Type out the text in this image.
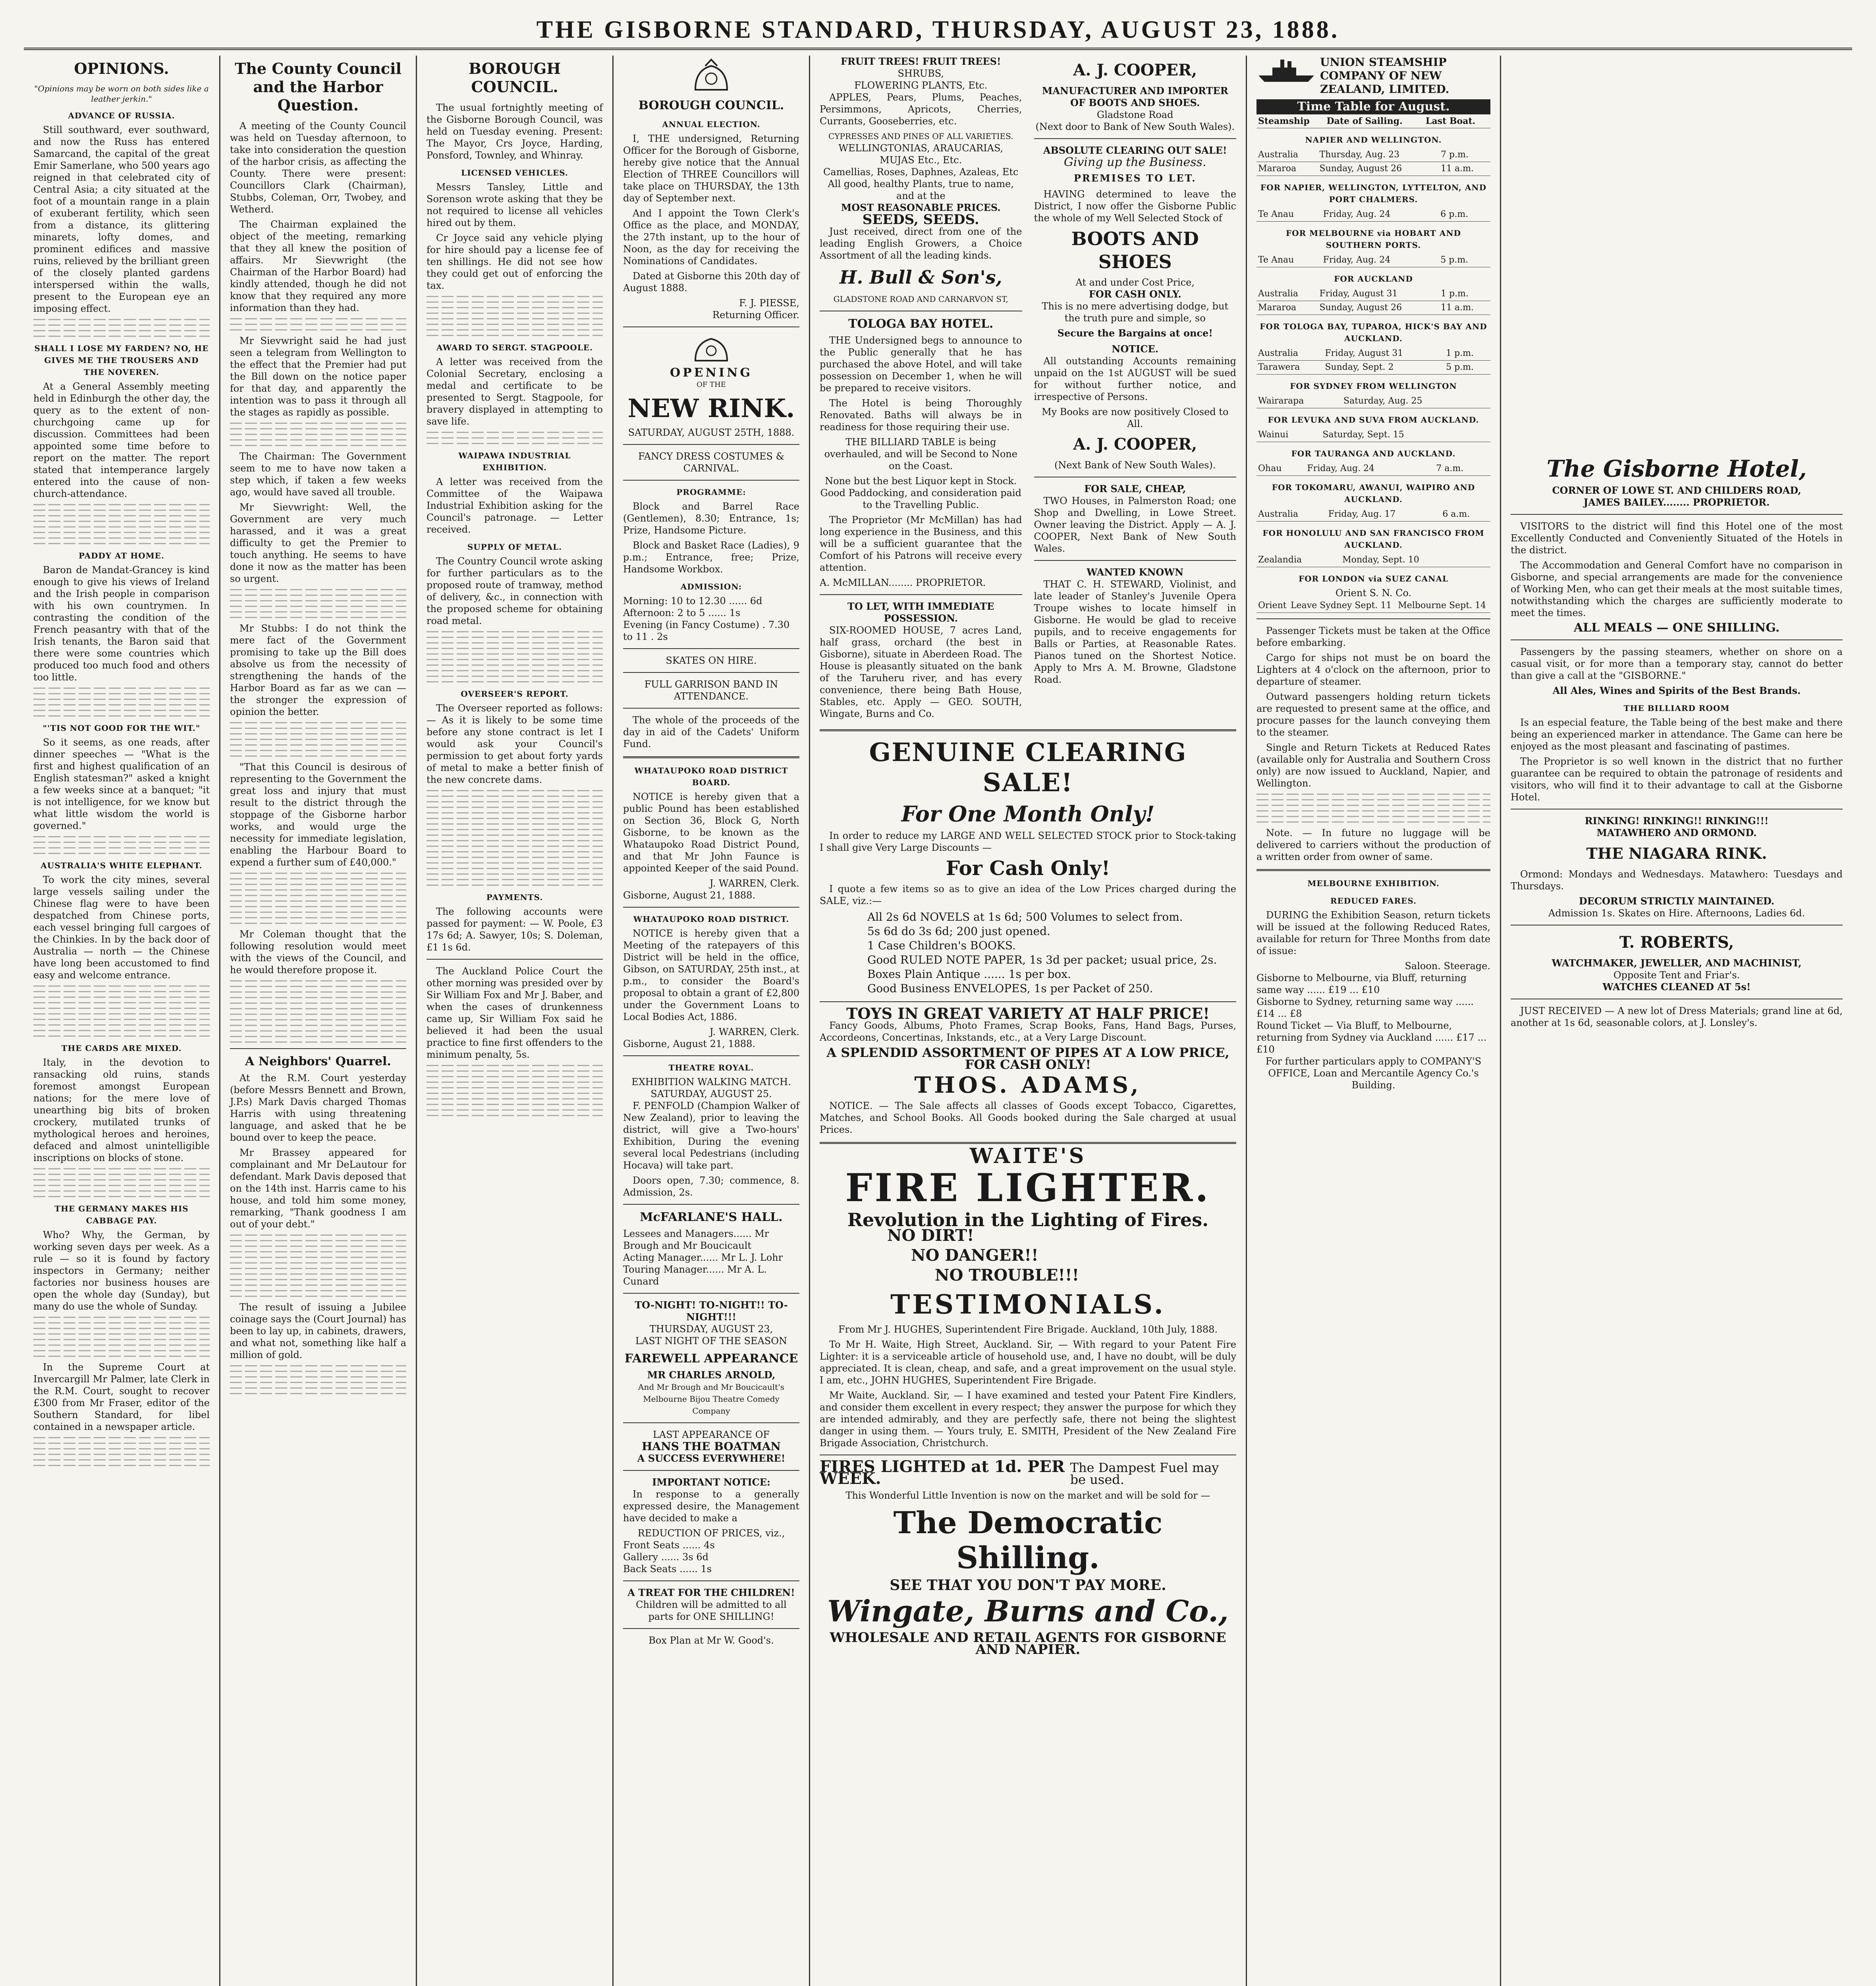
THE GISBORNE STANDARD, THURSDAY, AUGUST 23, 1888.
OPINIONS.
"Opinions may be worn on both sides like a leather jerkin."
ADVANCE OF RUSSIA.

Still southward, ever southward, and now the Russ has entered Samarcand, the capital of the great Emir Samerlane, who 500 years ago reigned in that celebrated city of Central Asia; a city situated at the foot of a mountain range in a plain of exuberant fertility, which seen from a distance, its glittering minarets, lofty domes, and prominent edifices and massive ruins, relieved by the brilliant green of the closely planted gardens interspersed within the walls, present to the European eye an imposing effect.

SHALL I LOSE MY FARDEN? NO, HE GIVES ME THE TROUSERS AND THE NOVEREN.

At a General Assembly meeting held in Edinburgh the other day, the query as to the extent of non-churchgoing came up for discussion. Committees had been appointed some time before to report on the matter. The report stated that intemperance largely entered into the cause of non-church-attendance.

PADDY AT HOME.

Baron de Mandat-Grancey is kind enough to give his views of Ireland and the Irish people in comparison with his own countrymen. In contrasting the condition of the French peasantry with that of the Irish tenants, the Baron said that there were some countries which produced too much food and others too little.

"'TIS NOT GOOD FOR THE WIT."

So it seems, as one reads, after dinner speeches — "What is the first and highest qualification of an English statesman?" asked a knight a few weeks since at a banquet; "it is not intelligence, for we know but what little wisdom the world is governed."

AUSTRALIA'S WHITE ELEPHANT.

To work the city mines, several large vessels sailing under the Chinese flag were to have been despatched from Chinese ports, each vessel bringing full cargoes of the Chinkies. In by the back door of Australia — north — the Chinese have long been accustomed to find easy and welcome entrance.

THE CARDS ARE MIXED.

Italy, in the devotion to ransacking old ruins, stands foremost amongst European nations; for the mere love of unearthing big bits of broken crockery, mutilated trunks of mythological heroes and heroines, defaced and almost unintelligible inscriptions on blocks of stone.

THE GERMANY MAKES HIS CABBAGE PAY.

Who? Why, the German, by working seven days per week. As a rule — so it is found by factory inspectors in Germany; neither factories nor business houses are open the whole day (Sunday), but many do use the whole of Sunday.

In the Supreme Court at Invercargill Mr Palmer, late Clerk in the R.M. Court, sought to recover £300 from Mr Fraser, editor of the Southern Standard, for libel contained in a newspaper article.

The County Council and the Harbor Question.

A meeting of the County Council was held on Tuesday afternoon, to take into consideration the question of the harbor crisis, as affecting the County. There were present: Councillors Clark (Chairman), Stubbs, Coleman, Orr, Twobey, and Wetherd.

The Chairman explained the object of the meeting, remarking that they all knew the position of affairs. Mr Sievwright (the Chairman of the Harbor Board) had kindly attended, though he did not know that they required any more information than they had.

Mr Sievwright said he had just seen a telegram from Wellington to the effect that the Premier had put the Bill down on the notice paper for that day, and apparently the intention was to pass it through all the stages as rapidly as possible.

The Chairman: The Government seem to me to have now taken a step which, if taken a few weeks ago, would have saved all trouble.

Mr Sievwright: Well, the Government are very much harassed, and it was a great difficulty to get the Premier to touch anything. He seems to have done it now as the matter has been so urgent.

Mr Stubbs: I do not think the mere fact of the Government promising to take up the Bill does absolve us from the necessity of strengthening the hands of the Harbor Board as far as we can — the stronger the expression of opinion the better.

"That this Council is desirous of representing to the Government the great loss and injury that must result to the district through the stoppage of the Gisborne harbor works, and would urge the necessity for immediate legislation, enabling the Harbour Board to expend a further sum of £40,000."

Mr Coleman thought that the following resolution would meet with the views of the Council, and he would therefore propose it.

A Neighbors' Quarrel.

At the R.M. Court yesterday (before Messrs Bennett and Brown, J.P.s) Mark Davis charged Thomas Harris with using threatening language, and asked that he be bound over to keep the peace.

Mr Brassey appeared for complainant and Mr DeLautour for defendant. Mark Davis deposed that on the 14th inst. Harris came to his house, and told him some money, remarking, "Thank goodness I am out of your debt."

The result of issuing a Jubilee coinage says the (Court Journal) has been to lay up, in cabinets, drawers, and what not, something like half a million of gold.

BOROUGH COUNCIL.

The usual fortnightly meeting of the Gisborne Borough Council, was held on Tuesday evening. Present: The Mayor, Crs Joyce, Harding, Ponsford, Townley, and Whinray.

LICENSED VEHICLES.

Messrs Tansley, Little and Sorenson wrote asking that they be not required to license all vehicles hired out by them.

Cr Joyce said any vehicle plying for hire should pay a license fee of ten shillings. He did not see how they could get out of enforcing the tax.

AWARD TO SERGT. STAGPOOLE.

A letter was received from the Colonial Secretary, enclosing a medal and certificate to be presented to Sergt. Stagpoole, for bravery displayed in attempting to save life.

WAIPAWA INDUSTRIAL EXHIBITION.

A letter was received from the Committee of the Waipawa Industrial Exhibition asking for the Council's patronage. — Letter received.

SUPPLY OF METAL.

The Country Council wrote asking for further particulars as to the proposed route of tramway, method of delivery, &c., in connection with the proposed scheme for obtaining road metal.

OVERSEER'S REPORT.

The Overseer reported as follows: — As it is likely to be some time before any stone contract is let I would ask your Council's permission to get about forty yards of metal to make a better finish of the new concrete dams.

PAYMENTS.

The following accounts were passed for payment: — W. Poole, £3 17s 6d; A. Sawyer, 10s; S. Doleman, £1 1s 6d.

The Auckland Police Court the other morning was presided over by Sir William Fox and Mr J. Baber, and when the cases of drunkenness came up, Sir William Fox said he believed it had been the usual practice to fine first offenders to the minimum penalty, 5s.

BOROUGH COUNCIL.
ANNUAL ELECTION.

I, THE undersigned, Returning Officer for the Borough of Gisborne, hereby give notice that the Annual Election of THREE Councillors will take place on THURSDAY, the 13th day of September next.

And I appoint the Town Clerk's Office as the place, and MONDAY, the 27th instant, up to the hour of Noon, as the day for receiving the Nominations of Candidates.

Dated at Gisborne this 20th day of August 1888.

F. J. PIESSE,
Returning Officer.
OPENING
OF THE
NEW RINK.
SATURDAY, AUGUST 25TH, 1888.
FANCY DRESS COSTUMES & CARNIVAL.
PROGRAMME:

Block and Barrel Race (Gentlemen), 8.30; Entrance, 1s; Prize, Handsome Picture.

Block and Basket Race (Ladies), 9 p.m.; Entrance, free; Prize, Handsome Workbox.

ADMISSION:
Morning: 10 to 12.30 ...... 6d
Afternoon: 2 to 5 ...... 1s
Evening (in Fancy Costume) . 7.30 to 11 . 2s
SKATES ON HIRE.
FULL GARRISON BAND IN ATTENDANCE.

The whole of the proceeds of the day in aid of the Cadets' Uniform Fund.

WHATAUPOKO ROAD DISTRICT BOARD.

NOTICE is hereby given that a public Pound has been established on Section 36, Block G, North Gisborne, to be known as the Whataupoko Road District Pound, and that Mr John Faunce is appointed Keeper of the said Pound.

J. WARREN, Clerk.
Gisborne, August 21, 1888.
WHATAUPOKO ROAD DISTRICT.

NOTICE is hereby given that a Meeting of the ratepayers of this District will be held in the office, Gibson, on SATURDAY, 25th inst., at p.m., to consider the Board's proposal to obtain a grant of £2,800 under the Government Loans to Local Bodies Act, 1886.

J. WARREN, Clerk.
Gisborne, August 21, 1888.
THEATRE ROYAL.
EXHIBITION WALKING MATCH.
SATURDAY, AUGUST 25.

F. PENFOLD (Champion Walker of New Zealand), prior to leaving the district, will give a Two-hours' Exhibition, During the evening several local Pedestrians (including Hocava) will take part.

Doors open, 7.30; commence, 8. Admission, 2s.

McFARLANE'S HALL.
Lessees and Managers...... Mr Brough and Mr Boucicault
Acting Manager...... Mr L. J. Lohr
Touring Manager...... Mr A. L. Cunard
TO-NIGHT! TO-NIGHT!! TO-NIGHT!!!
THURSDAY, AUGUST 23,
LAST NIGHT OF THE SEASON
FAREWELL APPEARANCE
MR CHARLES ARNOLD,
And Mr Brough and Mr Boucicault's Melbourne Bijou Theatre Comedy Company
LAST APPEARANCE OF
HANS THE BOATMAN
A SUCCESS EVERYWHERE!
IMPORTANT NOTICE:

In response to a generally expressed desire, the Management have decided to make a

REDUCTION OF PRICES, viz.,
Front Seats ...... 4s
Gallery ...... 3s 6d
Back Seats ...... 1s
A TREAT FOR THE CHILDREN!

Children will be admitted to all parts for ONE SHILLING!

Box Plan at Mr W. Good's.
FRUIT TREES! FRUIT TREES!
SHRUBS,
FLOWERING PLANTS, Etc.

APPLES, Pears, Plums, Peaches, Persimmons, Apricots, Cherries, Currants, Gooseberries, etc.

CYPRESSES AND PINES OF ALL VARIETIES.
WELLINGTONIAS, ARAUCARIAS, MUJAS Etc., Etc.
Camellias, Roses, Daphnes, Azaleas, Etc
All good, healthy Plants, true to name, and at the
MOST REASONABLE PRICES.
SEEDS, SEEDS.

Just received, direct from one of the leading English Growers, a Choice Assortment of all the leading kinds.

H. Bull & Son's,
GLADSTONE ROAD AND CARNARVON ST,
TOLOGA BAY HOTEL.

THE Undersigned begs to announce to the Public generally that he has purchased the above Hotel, and will take possession on December 1, when he will be prepared to receive visitors.

The Hotel is being Thoroughly Renovated. Baths will always be in readiness for those requiring their use.

THE BILLIARD TABLE is being overhauled, and will be Second to None on the Coast.

None but the best Liquor kept in Stock.

Good Paddocking, and consideration paid to the Travelling Public.

The Proprietor (Mr McMillan) has had long experience in the Business, and this will be a sufficient guarantee that the Comfort of his Patrons will receive every attention.

A. McMILLAN........ PROPRIETOR.
TO LET, WITH IMMEDIATE POSSESSION.

SIX-ROOMED HOUSE, 7 acres Land, half grass, orchard (the best in Gisborne), situate in Aberdeen Road. The House is pleasantly situated on the bank of the Taruheru river, and has every convenience, there being Bath House, Stables, etc. Apply — GEO. SOUTH, Wingate, Burns and Co.

A. J. COOPER,
MANUFACTURER AND IMPORTER OF BOOTS AND SHOES.
Gladstone Road
(Next door to Bank of New South Wales).
ABSOLUTE CLEARING OUT SALE!
Giving up the Business.
PREMISES TO LET.

HAVING determined to leave the District, I now offer the Gisborne Public the whole of my Well Selected Stock of

BOOTS AND SHOES
At and under Cost Price,
FOR CASH ONLY.

This is no mere advertising dodge, but the truth pure and simple, so

Secure the Bargains at once!
NOTICE.

All outstanding Accounts remaining unpaid on the 1st AUGUST will be sued for without further notice, and irrespective of Persons.

My Books are now positively Closed to All.
A. J. COOPER,
(Next Bank of New South Wales).
FOR SALE, CHEAP,

TWO Houses, in Palmerston Road; one Shop and Dwelling, in Lowe Street. Owner leaving the District. Apply — A. J. COOPER, Next Bank of New South Wales.

WANTED KNOWN

THAT C. H. STEWARD, Violinist, and late leader of Stanley's Juvenile Opera Troupe wishes to locate himself in Gisborne. He would be glad to receive pupils, and to receive engagements for Balls or Parties, at Reasonable Rates. Pianos tuned on the Shortest Notice. Apply to Mrs A. M. Browne, Gladstone Road.

GENUINE CLEARING SALE!
For One Month Only!

In order to reduce my LARGE AND WELL SELECTED STOCK prior to Stock-taking I shall give Very Large Discounts —

For Cash Only!

I quote a few items so as to give an idea of the Low Prices charged during the SALE, viz.:—

All 2s 6d NOVELS at 1s 6d; 500 Volumes to select from.
5s 6d do 3s 6d; 200 just opened.
1 Case Children's BOOKS.
Good RULED NOTE PAPER, 1s 3d per packet; usual price, 2s.
Boxes Plain Antique ...... 1s per box.
Good Business ENVELOPES, 1s per Packet of 250.
TOYS IN GREAT VARIETY AT HALF PRICE!

Fancy Goods, Albums, Photo Frames, Scrap Books, Fans, Hand Bags, Purses, Accordeons, Concertinas, Inkstands, etc., at a Very Large Discount.

A SPLENDID ASSORTMENT OF PIPES AT A LOW PRICE, FOR CASH ONLY!
THOS. ADAMS,

NOTICE. — The Sale affects all classes of Goods except Tobacco, Cigarettes, Matches, and School Books. All Goods booked during the Sale charged at usual Prices.

WAITE'S
FIRE LIGHTER.
Revolution in the Lighting of Fires.
NO DIRT!
NO DANGER!!
NO TROUBLE!!!
TESTIMONIALS.

From Mr J. HUGHES, Superintendent Fire Brigade. Auckland, 10th July, 1888.

To Mr H. Waite, High Street, Auckland. Sir, — With regard to your Patent Fire Lighter: it is a serviceable article of household use, and, I have no doubt, will be duly appreciated. It is clean, cheap, and safe, and a great improvement on the usual style. I am, etc., JOHN HUGHES, Superintendent Fire Brigade.

Mr Waite, Auckland. Sir, — I have examined and tested your Patent Fire Kindlers, and consider them excellent in every respect; they answer the purpose for which they are intended admirably, and they are perfectly safe, there not being the slightest danger in using them. — Yours truly, E. SMITH, President of the New Zealand Fire Brigade Association, Christchurch.

FIRES LIGHTED at 1d. PER WEEK.
The Dampest Fuel may be used.

This Wonderful Little Invention is now on the market and will be sold for —

The Democratic Shilling.
SEE THAT YOU DON'T PAY MORE.
Wingate, Burns and Co.,
WHOLESALE AND RETAIL AGENTS FOR GISBORNE AND NAPIER.

UNION STEAMSHIP COMPANY OF NEW ZEALAND, LIMITED.
Time Table for August.
Steamship	Date of Sailing.	Last Boat.
NAPIER AND WELLINGTON.
Australia	Thursday, Aug. 23	7 p.m.
Mararoa	Sunday, August 26	11 a.m.
FOR NAPIER, WELLINGTON, LYTTELTON, AND PORT CHALMERS.
Te Anau	Friday, Aug. 24	6 p.m.
FOR MELBOURNE via HOBART AND SOUTHERN PORTS.
Te Anau	Friday, Aug. 24	5 p.m.
FOR AUCKLAND
Australia	Friday, August 31	1 p.m.
Mararoa	Sunday, August 26	11 a.m.
FOR TOLOGA BAY, TUPAROA, HICK'S BAY AND AUCKLAND.
Australia	Friday, August 31	1 p.m.
Tarawera	Sunday, Sept. 2	5 p.m.
FOR SYDNEY FROM WELLINGTON
Wairarapa	Saturday, Aug. 25	
FOR LEVUKA AND SUVA FROM AUCKLAND.
Wainui	Saturday, Sept. 15	
FOR TAURANGA AND AUCKLAND.
Ohau	Friday, Aug. 24	7 a.m.
FOR TOKOMARU, AWANUI, WAIPIRO AND AUCKLAND.
Australia	Friday, Aug. 17	6 a.m.
FOR HONOLULU AND SAN FRANCISCO FROM AUCKLAND.
Zealandia	Monday, Sept. 10	
FOR LONDON via SUEZ CANAL
Orient S. N. Co.
Orient	Leave Sydney Sept. 11	Melbourne Sept. 14

Passenger Tickets must be taken at the Office before embarking.

Cargo for ships not must be on board the Lighters at 4 o'clock on the afternoon, prior to departure of steamer.

Outward passengers holding return tickets are requested to present same at the office, and procure passes for the launch conveying them to the steamer.

Single and Return Tickets at Reduced Rates (available only for Australia and Southern Cross only) are now issued to Auckland, Napier, and Wellington.

Note. — In future no luggage will be delivered to carriers without the production of a written order from owner of same.

MELBOURNE EXHIBITION.
REDUCED FARES.

DURING the Exhibition Season, return tickets will be issued at the following Reduced Rates, available for return for Three Months from date of issue:

Saloon. Steerage.
Gisborne to Melbourne, via Bluff, returning same way ...... £19 ... £10
Gisborne to Sydney, returning same way ...... £14 ... £8
Round Ticket — Via Bluff, to Melbourne, returning from Sydney via Auckland ...... £17 ... £10

For further particulars apply to COMPANY'S OFFICE, Loan and Mercantile Agency Co.'s Building.

The Gisborne Hotel,
CORNER OF LOWE ST. AND CHILDERS ROAD,
JAMES BAILEY........ PROPRIETOR.

VISITORS to the district will find this Hotel one of the most Excellently Conducted and Conveniently Situated of the Hotels in the district.

The Accommodation and General Comfort have no comparison in Gisborne, and special arrangements are made for the convenience of Working Men, who can get their meals at the most suitable times, notwithstanding which the charges are sufficiently moderate to meet the times.

ALL MEALS — ONE SHILLING.

Passengers by the passing steamers, whether on shore on a casual visit, or for more than a temporary stay, cannot do better than give a call at the "GISBORNE."

All Ales, Wines and Spirits of the Best Brands.
THE BILLIARD ROOM

Is an especial feature, the Table being of the best make and there being an experienced marker in attendance. The Game can here be enjoyed as the most pleasant and fascinating of pastimes.

The Proprietor is so well known in the district that no further guarantee can be required to obtain the patronage of residents and visitors, who will find it to their advantage to call at the Gisborne Hotel.

RINKING! RINKING!! RINKING!!!
MATAWHERO AND ORMOND.
THE NIAGARA RINK.

Ormond: Mondays and Wednesdays. Matawhero: Tuesdays and Thursdays.

DECORUM STRICTLY MAINTAINED.
Admission 1s. Skates on Hire. Afternoons, Ladies 6d.
T. ROBERTS,
WATCHMAKER, JEWELLER, AND MACHINIST,
Opposite Tent and Friar's.
WATCHES CLEANED AT 5s!

JUST RECEIVED — A new lot of Dress Materials; grand line at 6d, another at 1s 6d, seasonable colors, at J. Lonsley's.
